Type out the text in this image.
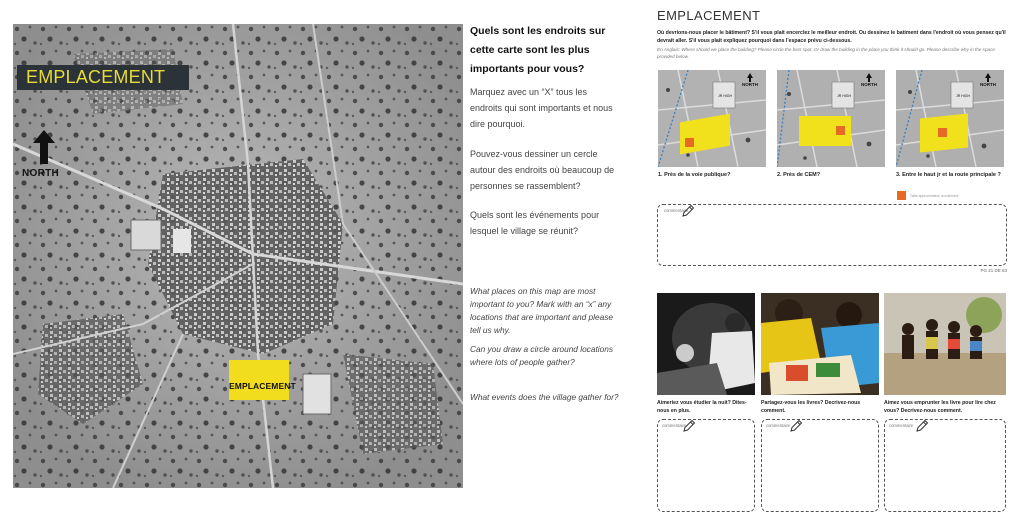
EMPLACEMENT
NORTH
EMPLACEMENT
Quels sont les endroits sur cette carte sont les plus importants pour vous?
Marquez avec un “X” tous les endroits qui sont importants et nous dire pourquoi.
Pouvez-vous dessiner un cercle autour des endroits où beaucoup de personnes se rassemblent?
Quels sont les événements pour lesquel le village se réunit?
What places on this map are most important to you? Mark with an “x” any locations that are important and please tell us why.
Can you draw a circle around locations where lots of people gather?
What events does the village gather for?
EMPLACEMENT
Où devrions-nous placer le bâtiment? S'il vous plait encerclez le meilleur endroit. Ou dessinez le batiment dans l'endroit où vous pensez qu'il devrait aller. S'il vous plait expliquez pourquoi dans l'espace prévu ci-dessous.
En Anglais: Where should we place the building? Please circle the best spot. Or draw the building in the place you think it should go. Please describe why in the space provided below.
NORTH
JR HIGH
NORTH
JR HIGH
NORTH
JR HIGH
1. Près de la voie publique?	2. Près de CEM?	3. Entre le haut jr et la route principale ?
Taille approximative du bâtiment
commentaire
PG 21 DE 63
Aimeriez vous étudier la nuit? Dites-nous en plus.
Partagez-vous les livres? Decrivez-nous comment.
Aimez vous emprunter les livre pour lire chez vous? Decrivez-nous comment.
commentaire	commentaire	commentaire
